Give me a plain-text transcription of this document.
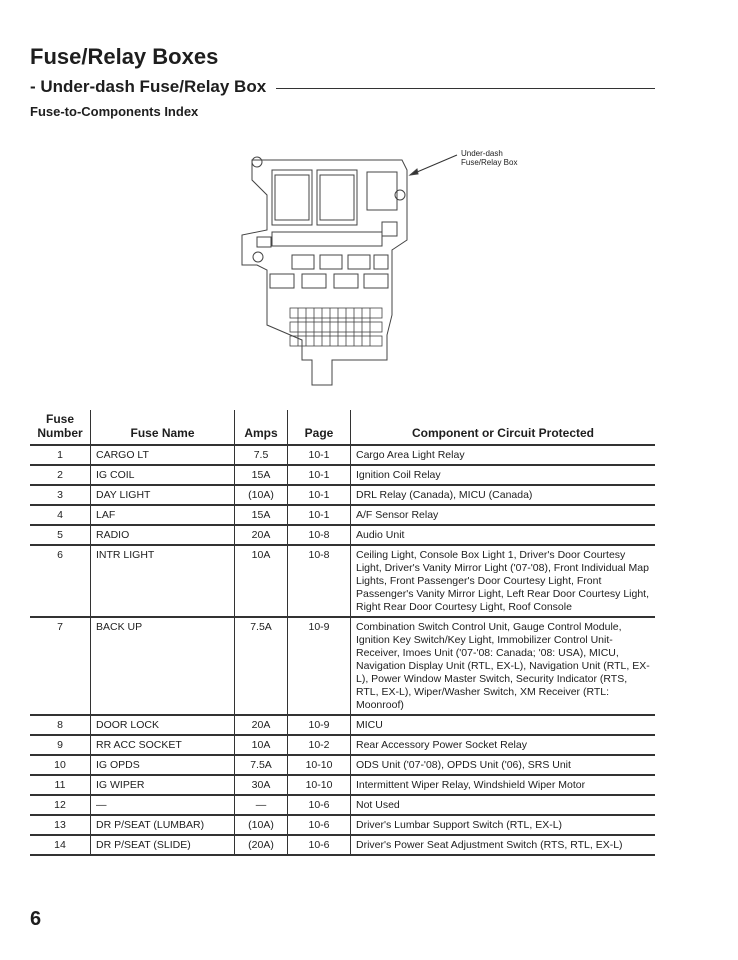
Fuse/Relay Boxes
- Under-dash Fuse/Relay Box
Fuse-to-Components Index
Under-dash
Fuse/Relay Box
Fuse
Number	Fuse Name	Amps	Page	Component or Circuit Protected
1	CARGO LT	7.5	10-1	Cargo Area Light Relay
2	IG COIL	15A	10-1	Ignition Coil Relay
3	DAY LIGHT	(10A)	10-1	DRL Relay (Canada), MICU (Canada)
4	LAF	15A	10-1	A/F Sensor Relay
5	RADIO	20A	10-8	Audio Unit
6	INTR LIGHT	10A	10-8	Ceiling Light, Console Box Light 1, Driver's Door Courtesy Light, Driver's Vanity Mirror Light ('07-'08), Front Individual Map Lights, Front Passenger's Door Courtesy Light, Front Passenger's Vanity Mirror Light, Left Rear Door Courtesy Light, Right Rear Door Courtesy Light, Roof Console
7	BACK UP	7.5A	10-9	Combination Switch Control Unit, Gauge Control Module, Ignition Key Switch/Key Light, Immobilizer Control Unit-Receiver, Imoes Unit ('07-'08: Canada; '08: USA), MICU, Navigation Display Unit (RTL, EX-L), Navigation Unit (RTL, EX-L), Power Window Master Switch, Security Indicator (RTS, RTL, EX-L), Wiper/Washer Switch, XM Receiver (RTL: Moonroof)
8	DOOR LOCK	20A	10-9	MICU
9	RR ACC SOCKET	10A	10-2	Rear Accessory Power Socket Relay
10	IG OPDS	7.5A	10-10	ODS Unit ('07-'08), OPDS Unit ('06), SRS Unit
11	IG WIPER	30A	10-10	Intermittent Wiper Relay, Windshield Wiper Motor
12	—	—	10-6	Not Used
13	DR P/SEAT (LUMBAR)	(10A)	10-6	Driver's Lumbar Support Switch (RTL, EX-L)
14	DR P/SEAT (SLIDE)	(20A)	10-6	Driver's Power Seat Adjustment Switch (RTS, RTL, EX-L)
6
